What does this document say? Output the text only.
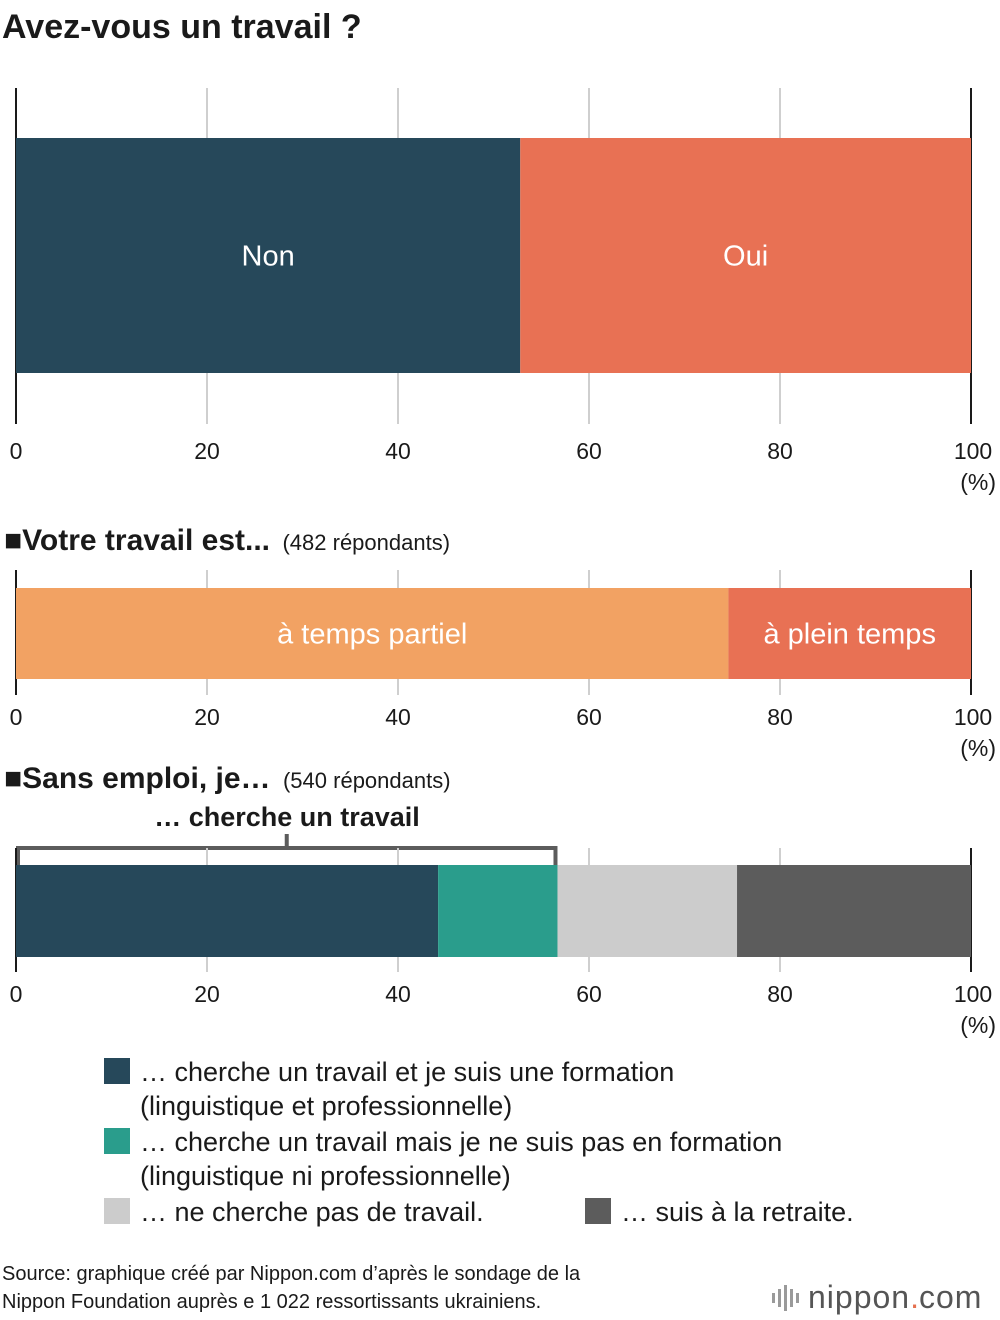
Avez-vous un travail ?
Non	Oui
0	20	40	60	80	100
(%)
■Votre travail est... (482 répondants)
à temps partiel	à plein temps
0	20	40	60	80	100
(%)
■Sans emploi, je… (540 répondants)
… cherche un travail
0	20	40	60	80	100
(%)
… cherche un travail et je suis une formation
(linguistique et professionnelle)
… cherche un travail mais je ne suis pas en formation
(linguistique ni professionnelle)
… ne cherche pas de travail.	… suis à la retraite.
Source: graphique créé par Nippon.com d’après le sondage de la
Nippon Foundation auprès e 1 022 ressortissants ukrainiens.	nippon.com
